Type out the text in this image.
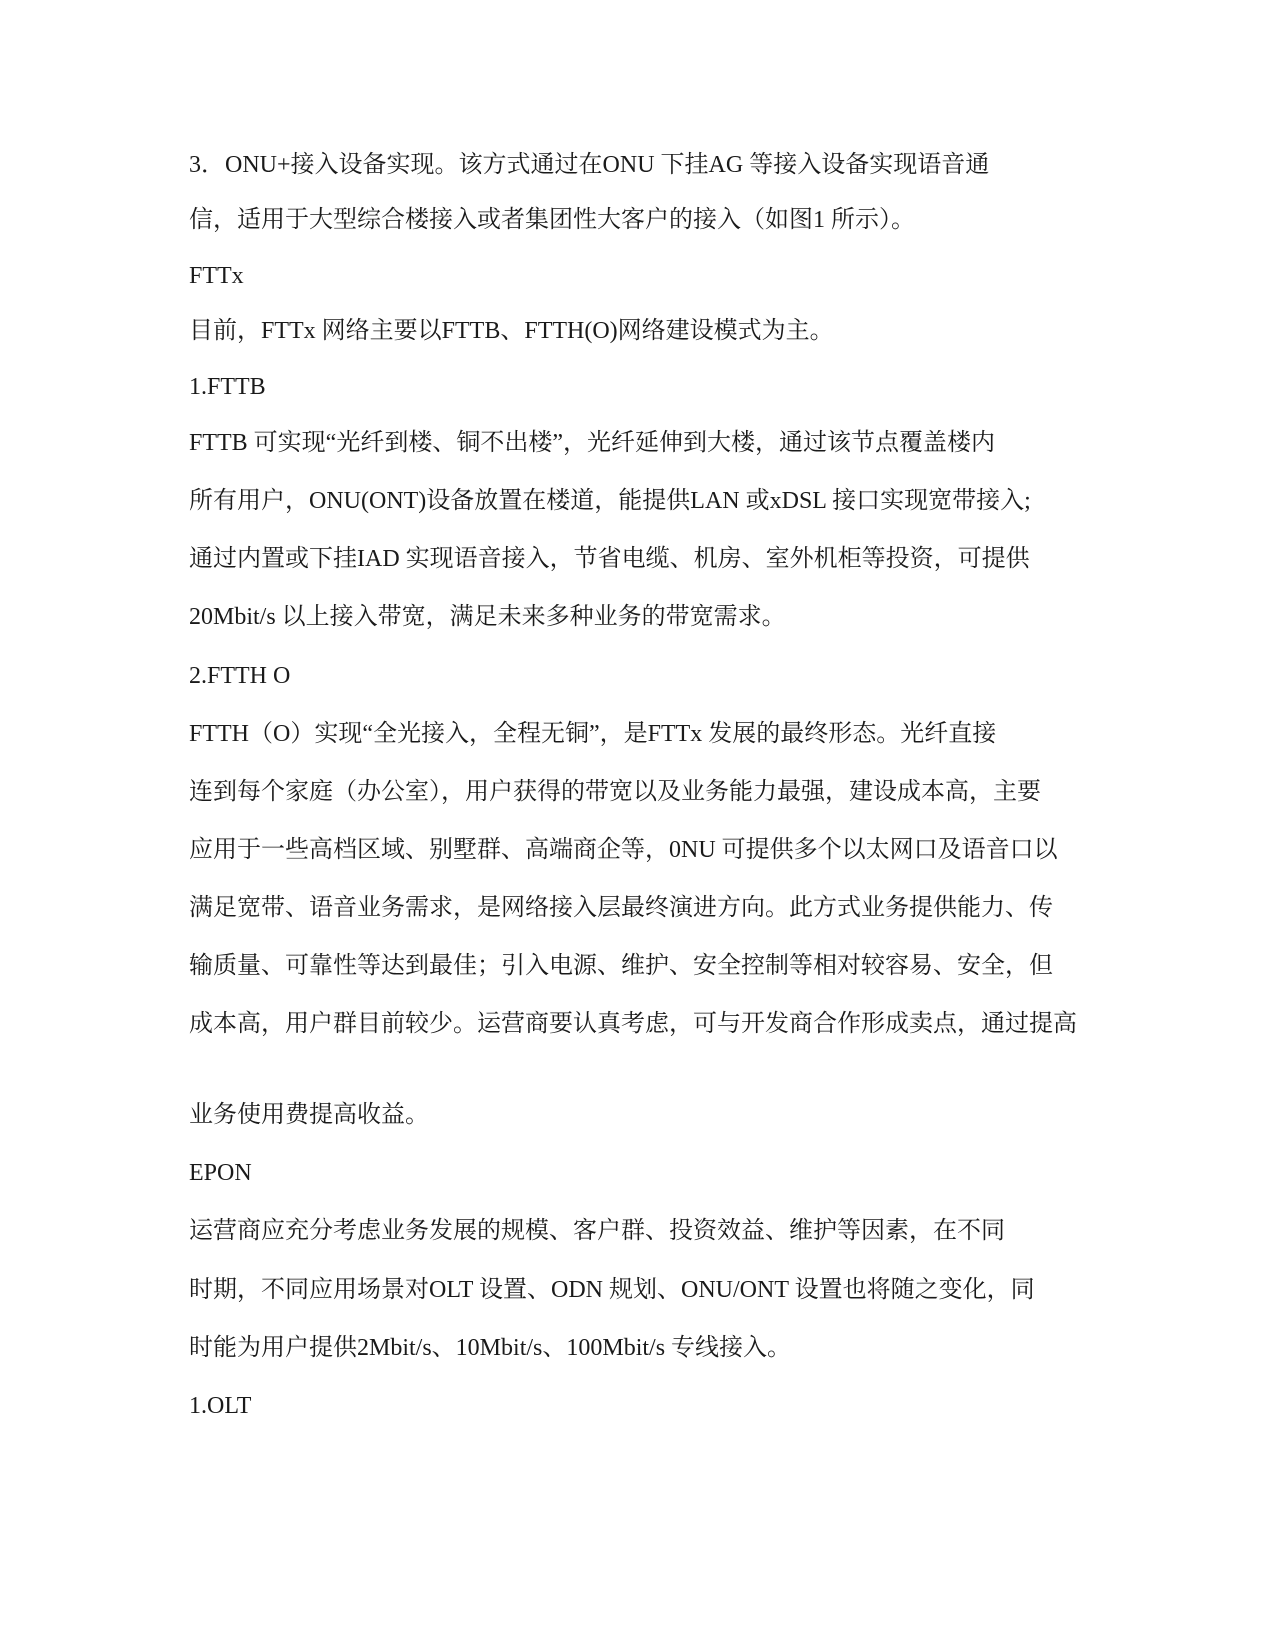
3．ONU+接入设备实现。该方式通过在ONU 下挂AG 等接入设备实现语音通

信，适用于大型综合楼接入或者集团性大客户的接入（如图1 所示）。

FTTx

目前，FTTx 网络主要以FTTB、FTTH(O)网络建设模式为主。

1.FTTB

FTTB 可实现“光纤到楼、铜不出楼”，光纤延伸到大楼，通过该节点覆盖楼内

所有用户，ONU(ONT)设备放置在楼道，能提供LAN 或xDSL 接口实现宽带接入;

通过内置或下挂IAD 实现语音接入，节省电缆、机房、室外机柜等投资，可提供

20Mbit/s 以上接入带宽，满足未来多种业务的带宽需求。

2.FTTH O

FTTH（O）实现“全光接入，全程无铜”，是FTTx 发展的最终形态。光纤直接

连到每个家庭（办公室），用户获得的带宽以及业务能力最强，建设成本高，主要

应用于一些高档区域、别墅群、高端商企等，0NU 可提供多个以太网口及语音口以

满足宽带、语音业务需求，是网络接入层最终演进方向。此方式业务提供能力、传

输质量、可靠性等达到最佳；引入电源、维护、安全控制等相对较容易、安全，但

成本高，用户群目前较少。运营商要认真考虑，可与开发商合作形成卖点，通过提高

业务使用费提高收益。

EPON

运营商应充分考虑业务发展的规模、客户群、投资效益、维护等因素，在不同

时期，不同应用场景对OLT 设置、ODN 规划、ONU/ONT 设置也将随之变化，同

时能为用户提供2Mbit/s、10Mbit/s、100Mbit/s 专线接入。

1.OLT
